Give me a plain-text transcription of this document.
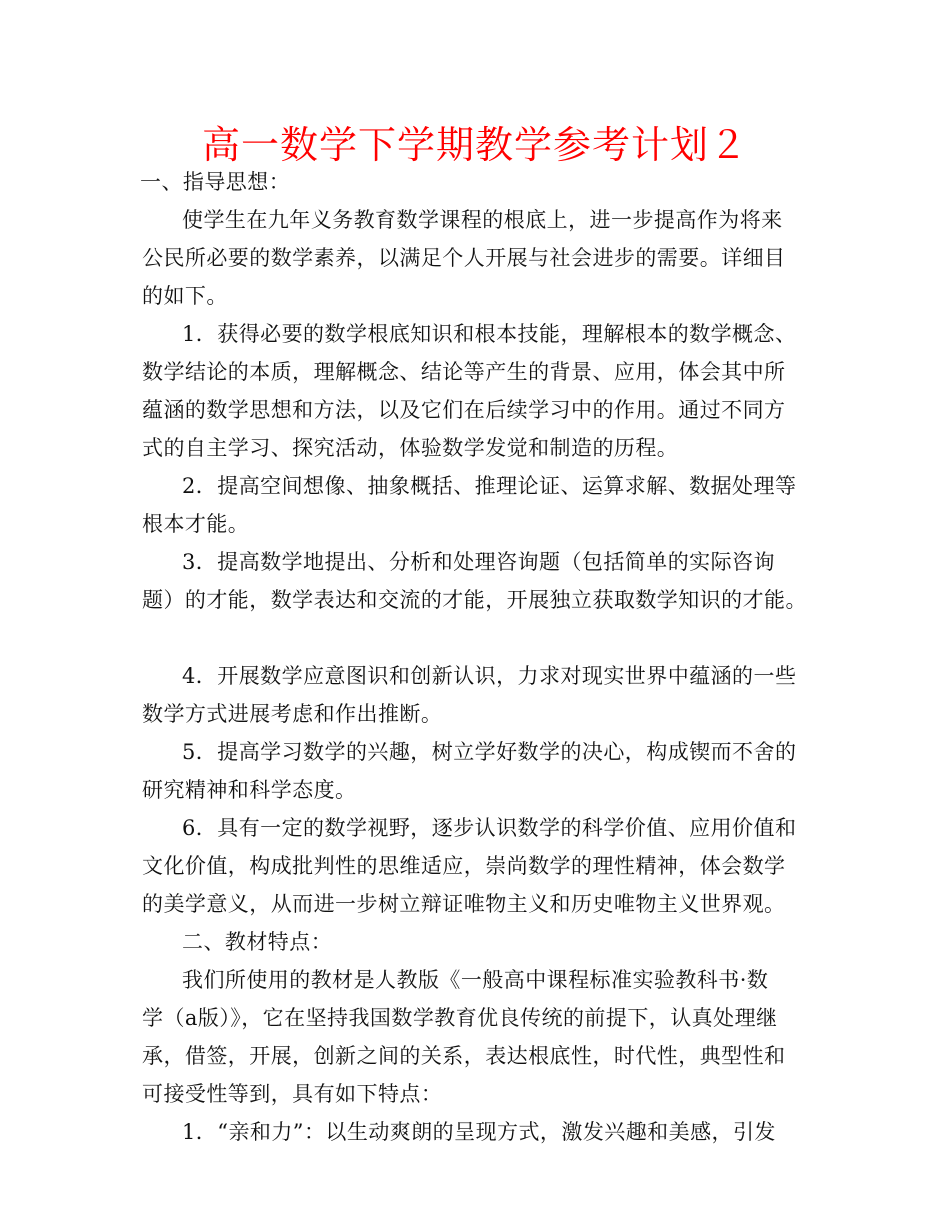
高一数学下学期教学参考计划２
一、指导思想：
使学生在九年义务教育数学课程的根底上，进一步提高作为将来
公民所必要的数学素养，以满足个人开展与社会进步的需要。详细目
的如下。
1．获得必要的数学根底知识和根本技能，理解根本的数学概念、
数学结论的本质，理解概念、结论等产生的背景、应用，体会其中所
蕴涵的数学思想和方法，以及它们在后续学习中的作用。通过不同方
式的自主学习、探究活动，体验数学发觉和制造的历程。
2．提高空间想像、抽象概括、推理论证、运算求解、数据处理等
根本才能。
3．提高数学地提出、分析和处理咨询题（包括简单的实际咨询
题）的才能，数学表达和交流的才能，开展独立获取数学知识的才能。
4．开展数学应意图识和创新认识，力求对现实世界中蕴涵的一些
数学方式进展考虑和作出推断。
5．提高学习数学的兴趣，树立学好数学的决心，构成锲而不舍的
研究精神和科学态度。
6．具有一定的数学视野，逐步认识数学的科学价值、应用价值和
文化价值，构成批判性的思维适应，崇尚数学的理性精神，体会数学
的美学意义，从而进一步树立辩证唯物主义和历史唯物主义世界观。
二、教材特点：
我们所使用的教材是人教版《一般高中课程标准实验教科书·数
学（a版）》，它在坚持我国数学教育优良传统的前提下，认真处理继
承，借签，开展，创新之间的关系，表达根底性，时代性，典型性和
可接受性等到，具有如下特点：
1．“亲和力”：以生动爽朗的呈现方式，激发兴趣和美感，引发
